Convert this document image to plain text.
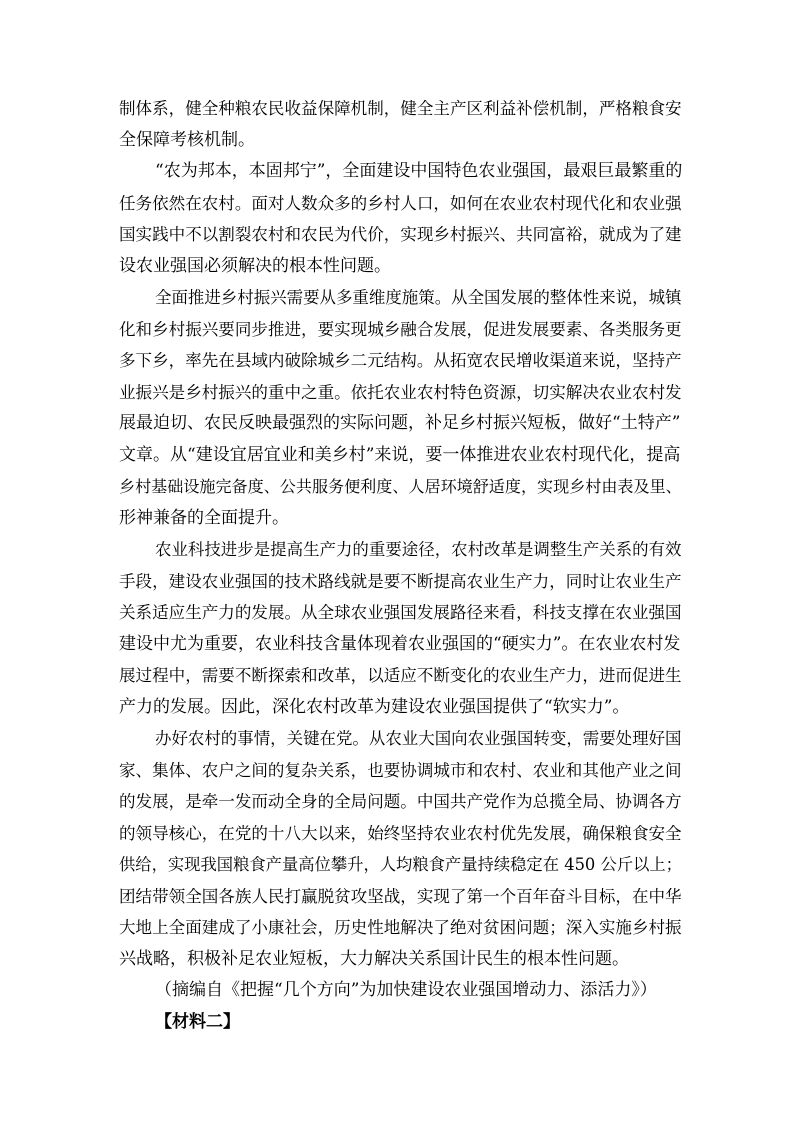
制体系，健全种粮农民收益保障机制，健全主产区利益补偿机制，严格粮食安
全保障考核机制。
“农为邦本，本固邦宁”，全面建设中国特色农业强国，最艰巨最繁重的
任务依然在农村。面对人数众多的乡村人口，如何在农业农村现代化和农业强
国实践中不以割裂农村和农民为代价，实现乡村振兴、共同富裕，就成为了建
设农业强国必须解决的根本性问题。
全面推进乡村振兴需要从多重维度施策。从全国发展的整体性来说，城镇
化和乡村振兴要同步推进，要实现城乡融合发展，促进发展要素、各类服务更
多下乡，率先在县域内破除城乡二元结构。从拓宽农民增收渠道来说，坚持产
业振兴是乡村振兴的重中之重。依托农业农村特色资源，切实解决农业农村发
展最迫切、农民反映最强烈的实际问题，补足乡村振兴短板，做好“土特产”
文章。从“建设宜居宜业和美乡村”来说，要一体推进农业农村现代化，提高
乡村基础设施完备度、公共服务便利度、人居环境舒适度，实现乡村由表及里、
形神兼备的全面提升。
农业科技进步是提高生产力的重要途径，农村改革是调整生产关系的有效
手段，建设农业强国的技术路线就是要不断提高农业生产力，同时让农业生产
关系适应生产力的发展。从全球农业强国发展路径来看，科技支撑在农业强国
建设中尤为重要，农业科技含量体现着农业强国的“硬实力”。在农业农村发
展过程中，需要不断探索和改革，以适应不断变化的农业生产力，进而促进生
产力的发展。因此，深化农村改革为建设农业强国提供了“软实力”。
办好农村的事情，关键在党。从农业大国向农业强国转变，需要处理好国
家、集体、农户之间的复杂关系，也要协调城市和农村、农业和其他产业之间
的发展，是牵一发而动全身的全局问题。中国共产党作为总揽全局、协调各方
的领导核心，在党的十八大以来，始终坚持农业农村优先发展，确保粮食安全
供给，实现我国粮食产量高位攀升，人均粮食产量持续稳定在 450 公斤以上；
团结带领全国各族人民打赢脱贫攻坚战，实现了第一个百年奋斗目标，在中华
大地上全面建成了小康社会，历史性地解决了绝对贫困问题；深入实施乡村振
兴战略，积极补足农业短板，大力解决关系国计民生的根本性问题。
（摘编自《把握“几个方向”为加快建设农业强国增动力、添活力》）
【材料二】
